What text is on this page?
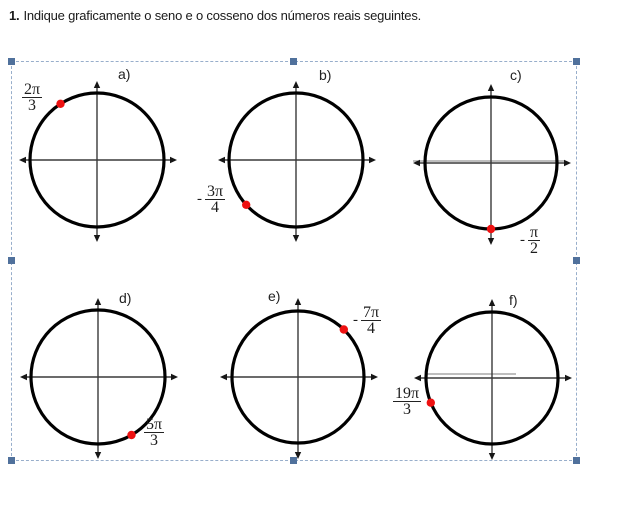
1. Indique graficamente o seno e o cosseno dos números reais seguintes.
a)	b)	c)
d)	e)	f)
$\frac{2\pi}{3}$
- $\frac{3\pi}{4}$
- $\frac{\pi}{2}$
$\frac{5\pi}{3}$
- $\frac{7\pi}{4}$
$\frac{19\pi}{3}$
